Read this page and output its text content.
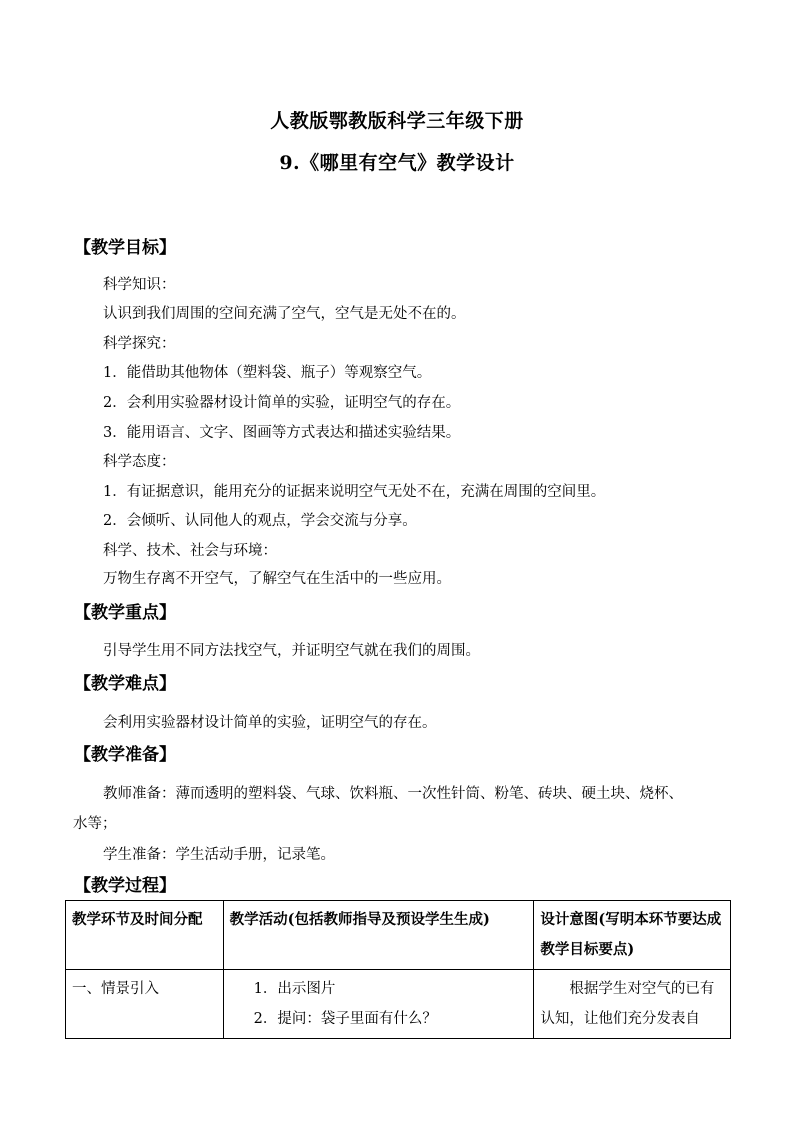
人教版鄂教版科学三年级下册
9.《哪里有空气》教学设计
【教学目标】
科学知识：
认识到我们周围的空间充满了空气，空气是无处不在的。
科学探究：
1．能借助其他物体（塑料袋、瓶子）等观察空气。
2．会利用实验器材设计简单的实验，证明空气的存在。
3．能用语言、文字、图画等方式表达和描述实验结果。
科学态度：
1．有证据意识，能用充分的证据来说明空气无处不在，充满在周围的空间里。
2．会倾听、认同他人的观点，学会交流与分享。
科学、技术、社会与环境：
万物生存离不开空气，了解空气在生活中的一些应用。
【教学重点】
引导学生用不同方法找空气，并证明空气就在我们的周围。
【教学难点】
会利用实验器材设计简单的实验，证明空气的存在。
【教学准备】
教师准备：薄而透明的塑料袋、气球、饮料瓶、一次性针筒、粉笔、砖块、硬土块、烧杯、
水等；
学生准备：学生活动手册，记录笔。
【教学过程】
教学环节及时间分配	教学活动(包括教师指导及预设学生生成)	设计意图(写明本环节要达成教学目标要点)
一、情景引入	1．出示图片
2．提问：袋子里面有什么？	根据学生对空气的已有认知，让他们充分发表自
